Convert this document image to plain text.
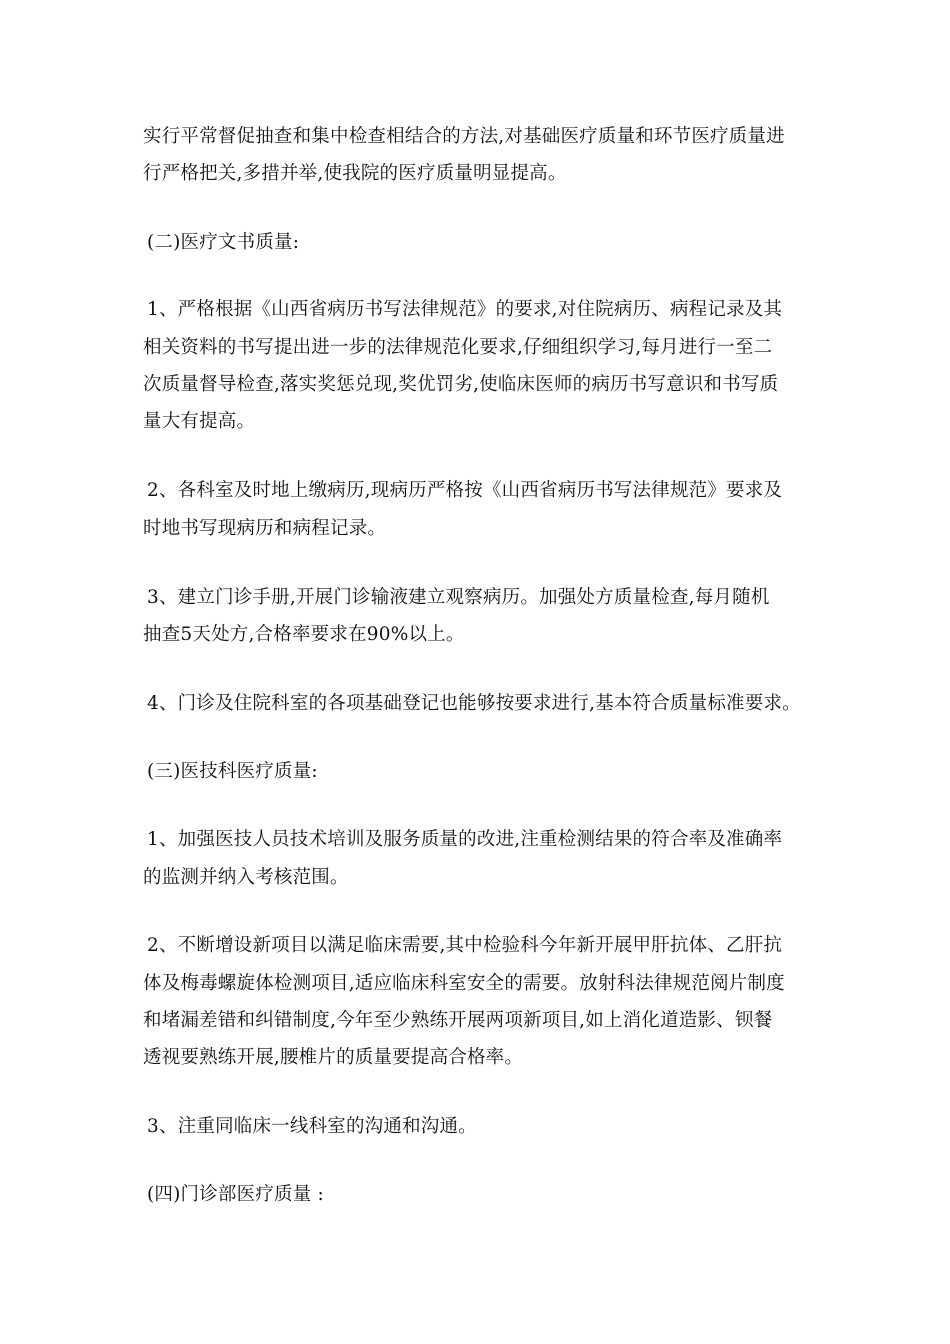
实行平常督促抽查和集中检查相结合的方法,对基础医疗质量和环节医疗质量进
行严格把关,多措并举,使我院的医疗质量明显提高。
(二)医疗文书质量:
1、严格根据《山西省病历书写法律规范》的要求,对住院病历、病程记录及其
相关资料的书写提出进一步的法律规范化要求,仔细组织学习,每月进行一至二
次质量督导检查,落实奖惩兑现,奖优罚劣,使临床医师的病历书写意识和书写质
量大有提高。
2、各科室及时地上缴病历,现病历严格按《山西省病历书写法律规范》要求及
时地书写现病历和病程记录。
3、建立门诊手册,开展门诊输液建立观察病历。加强处方质量检查,每月随机
抽查5天处方,合格率要求在90%以上。
4、门诊及住院科室的各项基础登记也能够按要求进行,基本符合质量标准要求。
(三)医技科医疗质量:
1、加强医技人员技术培训及服务质量的改进,注重检测结果的符合率及准确率
的监测并纳入考核范围。
2、不断增设新项目以满足临床需要,其中检验科今年新开展甲肝抗体、乙肝抗
体及梅毒螺旋体检测项目,适应临床科室安全的需要。放射科法律规范阅片制度
和堵漏差错和纠错制度,今年至少熟练开展两项新项目,如上消化道造影、钡餐
透视要熟练开展,腰椎片的质量要提高合格率。
3、注重同临床一线科室的沟通和沟通。
(四)门诊部医疗质量 :
